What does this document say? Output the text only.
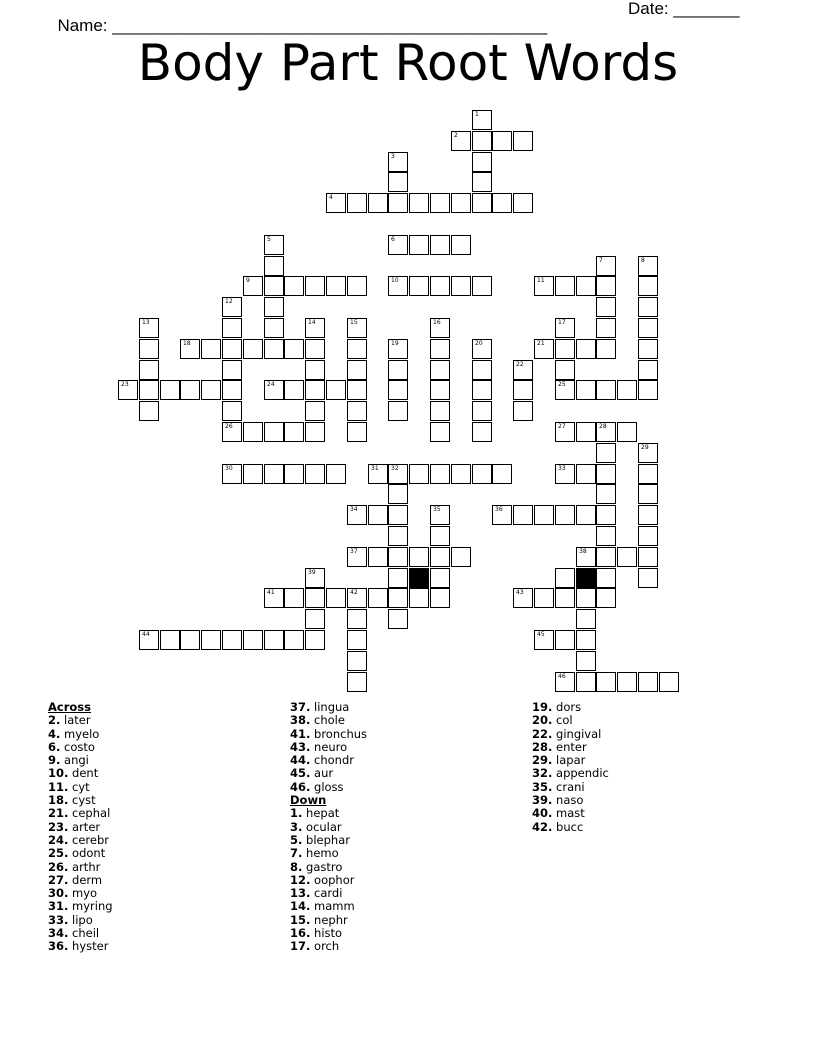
Name: ______________________________________________

Date: _______

Body Part Root Words
1
2
3
4
5	6
7	8
9	10	11
12
13	14	15	16	17
25
18	19	20	21
22
23	24
26	27	28
29
30	31 32	33
34	35	36
37	38
39
41	42	43
44	45
46
Across
2. later
4. myelo
6. costo
9. angi
10. dent
11. cyt
18. cyst
21. cephal
23. arter
24. cerebr
25. odont
26. arthr
27. derm
30. myo
31. myring
33. lipo
34. cheil
36. hyster
37. lingua
38. chole
41. bronchus
43. neuro
44. chondr
45. aur
46. gloss
Down
1. hepat
3. ocular
5. blephar
7. hemo
8. gastro
12. oophor
13. cardi
14. mamm
15. nephr
16. histo
17. orch
19. dors
20. col
22. gingival
28. enter
29. lapar
32. appendic
35. crani
39. naso
40. mast
42. bucc
